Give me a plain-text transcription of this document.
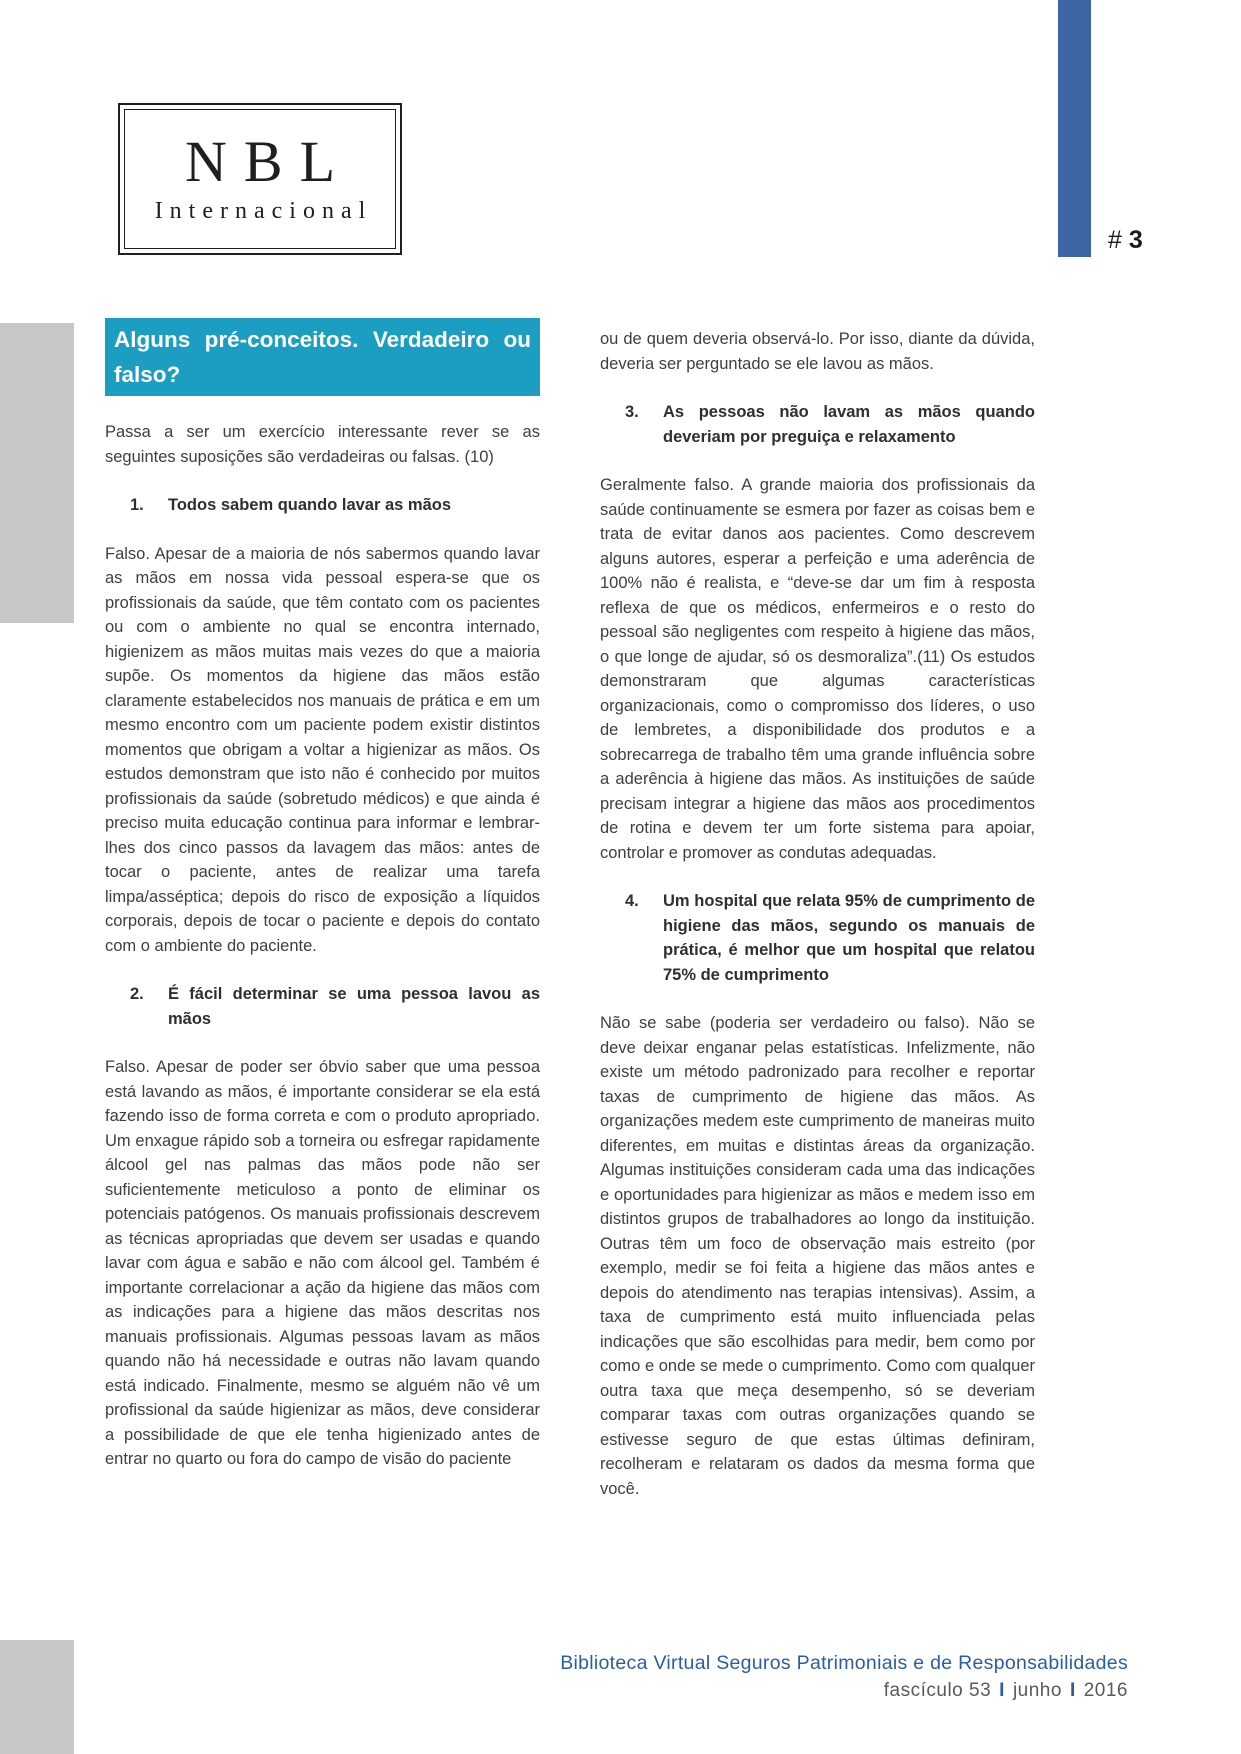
NBL
Internacional
# 3
Alguns pré-conceitos. Verdadeiro ou falso?

Passa a ser um exercício interessante rever se as seguintes suposições são verdadeiras ou falsas. (10)

1.	Todos sabem quando lavar as mãos

Falso. Apesar de a maioria de nós sabermos quando lavar as mãos em nossa vida pessoal espera-se que os profissionais da saúde, que têm contato com os pacientes ou com o ambiente no qual se encontra internado, higienizem as mãos muitas mais vezes do que a maioria supõe. Os momentos da higiene das mãos estão claramente estabelecidos nos manuais de prática e em um mesmo encontro com um paciente podem existir distintos momentos que obrigam a voltar a higienizar as mãos. Os estudos demonstram que isto não é conhecido por muitos profissionais da saúde (sobretudo médicos) e que ainda é preciso muita educação continua para informar e lembrar-lhes dos cinco passos da lavagem das mãos: antes de tocar o paciente, antes de realizar uma tarefa limpa/asséptica; depois do risco de exposição a líquidos corporais, depois de tocar o paciente e depois do contato com o ambiente do paciente.

2.	É fácil determinar se uma pessoa lavou as mãos

Falso. Apesar de poder ser óbvio saber que uma pessoa está lavando as mãos, é importante considerar se ela está fazendo isso de forma correta e com o produto apropriado. Um enxague rápido sob a torneira ou esfregar rapidamente álcool gel nas palmas das mãos pode não ser suficientemente meticuloso a ponto de eliminar os potenciais patógenos. Os manuais profissionais descrevem as técnicas apropriadas que devem ser usadas e quando lavar com água e sabão e não com álcool gel. Também é importante correlacionar a ação da higiene das mãos com as indicações para a higiene das mãos descritas nos manuais profissionais. Algumas pessoas lavam as mãos quando não há necessidade e outras não lavam quando está indicado. Finalmente, mesmo se alguém não vê um profissional da saúde higienizar as mãos, deve considerar a possibilidade de que ele tenha higienizado antes de entrar no quarto ou fora do campo de visão do paciente

ou de quem deveria observá-lo. Por isso, diante da dúvida, deveria ser perguntado se ele lavou as mãos.

3.	As pessoas não lavam as mãos quando deveriam por preguiça e relaxamento

Geralmente falso. A grande maioria dos profissionais da saúde continuamente se esmera por fazer as coisas bem e trata de evitar danos aos pacientes. Como descrevem alguns autores, esperar a perfeição e uma aderência de 100% não é realista, e “deve-se dar um fim à resposta reflexa de que os médicos, enfermeiros e o resto do pessoal são negligentes com respeito à higiene das mãos, o que longe de ajudar, só os desmoraliza”.(11) Os estudos demonstraram que algumas características organizacionais, como o compromisso dos líderes, o uso de lembretes, a disponibilidade dos produtos e a sobrecarrega de trabalho têm uma grande influência sobre a aderência à higiene das mãos. As instituições de saúde precisam integrar a higiene das mãos aos procedimentos de rotina e devem ter um forte sistema para apoiar, controlar e promover as condutas adequadas.

4.	Um hospital que relata 95% de cumprimento de higiene das mãos, segundo os manuais de prática, é melhor que um hospital que relatou 75% de cumprimento

Não se sabe (poderia ser verdadeiro ou falso). Não se deve deixar enganar pelas estatísticas. Infelizmente, não existe um método padronizado para recolher e reportar taxas de cumprimento de higiene das mãos. As organizações medem este cumprimento de maneiras muito diferentes, em muitas e distintas áreas da organização. Algumas instituições consideram cada uma das indicações e oportunidades para higienizar as mãos e medem isso em distintos grupos de trabalhadores ao longo da instituição. Outras têm um foco de observação mais estreito (por exemplo, medir se foi feita a higiene das mãos antes e depois do atendimento nas terapias intensivas). Assim, a taxa de cumprimento está muito influenciada pelas indicações que são escolhidas para medir, bem como por como e onde se mede o cumprimento. Como com qualquer outra taxa que meça desempenho, só se deveriam comparar taxas com outras organizações quando se estivesse seguro de que estas últimas definiram, recolheram e relataram os dados da mesma forma que você.

Biblioteca Virtual Seguros Patrimoniais e de Responsabilidades
fascículo 53 I junho I 2016
